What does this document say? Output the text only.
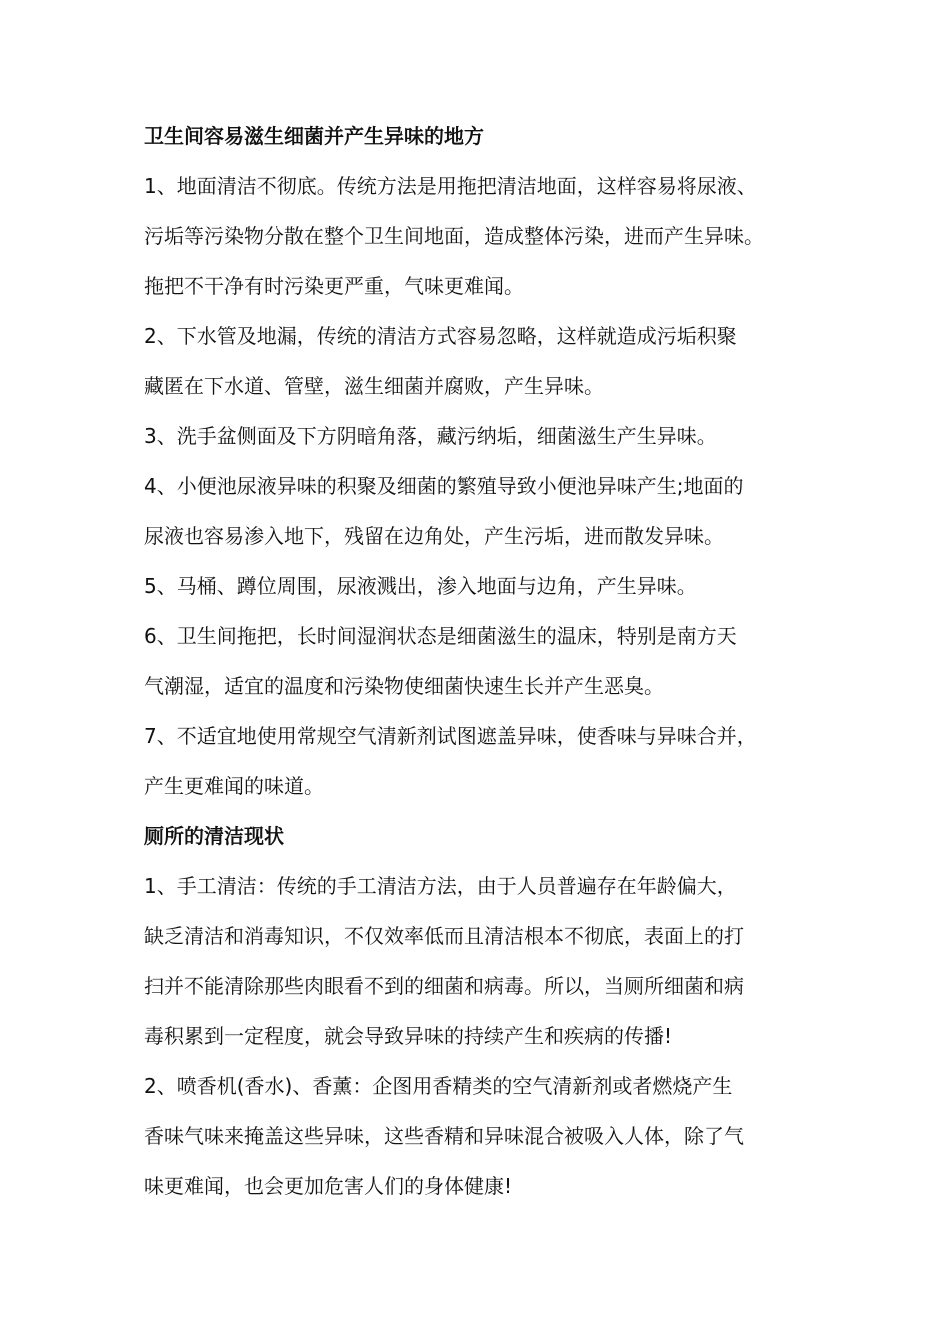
卫生间容易滋生细菌并产生异味的地方
1、地面清洁不彻底。传统方法是用拖把清洁地面，这样容易将尿液、
污垢等污染物分散在整个卫生间地面，造成整体污染，进而产生异味。
拖把不干净有时污染更严重，气味更难闻。
2、下水管及地漏，传统的清洁方式容易忽略，这样就造成污垢积聚
藏匿在下水道、管壁，滋生细菌并腐败，产生异味。
3、洗手盆侧面及下方阴暗角落，藏污纳垢，细菌滋生产生异味。
4、小便池尿液异味的积聚及细菌的繁殖导致小便池异味产生;地面的
尿液也容易渗入地下，残留在边角处，产生污垢，进而散发异味。
5、马桶、蹲位周围，尿液溅出，渗入地面与边角，产生异味。
6、卫生间拖把，长时间湿润状态是细菌滋生的温床，特别是南方天
气潮湿，适宜的温度和污染物使细菌快速生长并产生恶臭。
7、不适宜地使用常规空气清新剂试图遮盖异味，使香味与异味合并，
产生更难闻的味道。
厕所的清洁现状
1、手工清洁：传统的手工清洁方法，由于人员普遍存在年龄偏大，
缺乏清洁和消毒知识，不仅效率低而且清洁根本不彻底，表面上的打
扫并不能清除那些肉眼看不到的细菌和病毒。所以，当厕所细菌和病
毒积累到一定程度，就会导致异味的持续产生和疾病的传播!
2、喷香机(香水)、香薰：企图用香精类的空气清新剂或者燃烧产生
香味气味来掩盖这些异味，这些香精和异味混合被吸入人体，除了气
味更难闻，也会更加危害人们的身体健康!
